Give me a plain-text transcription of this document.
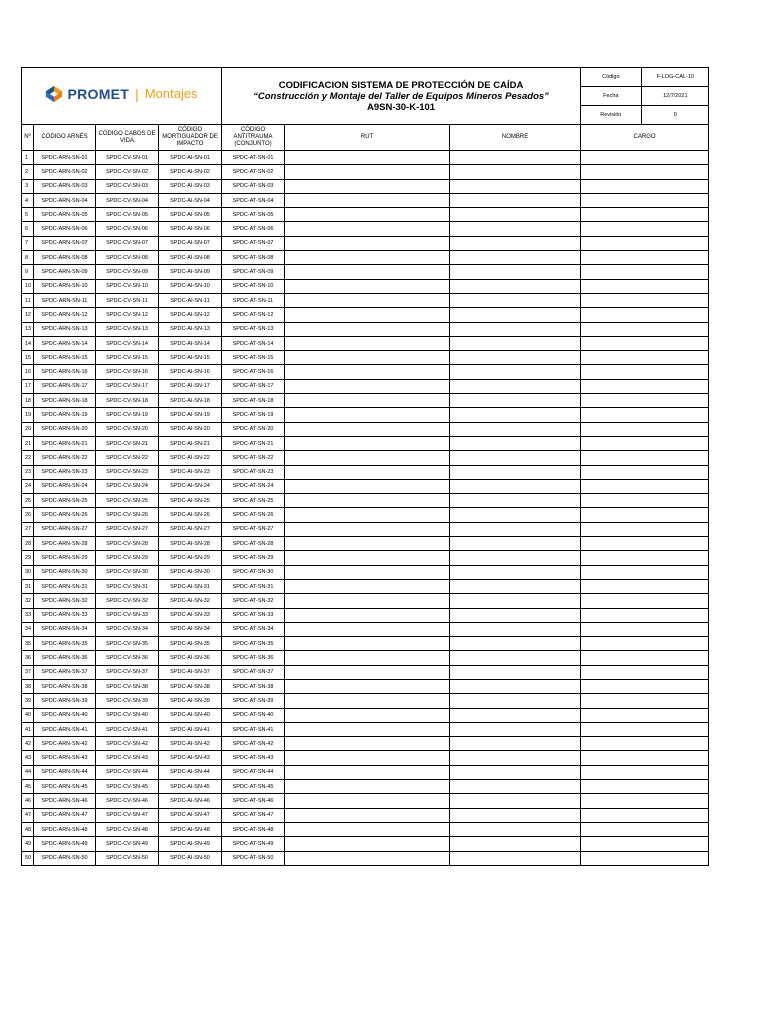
PROMET | Montajes

CODIFICACION SISTEMA DE PROTECCIÓN DE CAÍDA
“Construcción y Montaje del Taller de Equipos Mineros Pesados”
A9SN-30-K-101

Código	F-LOG-CAL-10
Fecha	12/7/2021
Revisión	0

Nº	CÓDIGO ARNÉS	CÓDIGO CABOS DE VIDA	CÓDIGO MORTIGUADOR DE IMPACTO	CÓDIGO ANTITRAUMA (CONJUNTO)	RUT	NOMBRE	CARGO
1	SPDC-ARN-SN-01	SPDC-CV-SN-01	SPDC-AI-SN-01	SPDC-AT-SN-01			
2	SPDC-ARN-SN-02	SPDC-CV-SN-02	SPDC-AI-SN-02	SPDC-AT-SN-02			
3	SPDC-ARN-SN-03	SPDC-CV-SN-03	SPDC-AI-SN-03	SPDC-AT-SN-03			
4	SPDC-ARN-SN-04	SPDC-CV-SN-04	SPDC-AI-SN-04	SPDC-AT-SN-04			
5	SPDC-ARN-SN-05	SPDC-CV-SN-05	SPDC-AI-SN-05	SPDC-AT-SN-05			
6	SPDC-ARN-SN-06	SPDC-CV-SN-06	SPDC-AI-SN-06	SPDC-AT-SN-06			
7	SPDC-ARN-SN-07	SPDC-CV-SN-07	SPDC-AI-SN-07	SPDC-AT-SN-07			
8	SPDC-ARN-SN-08	SPDC-CV-SN-08	SPDC-AI-SN-08	SPDC-AT-SN-08			
9	SPDC-ARN-SN-09	SPDC-CV-SN-09	SPDC-AI-SN-09	SPDC-AT-SN-09			
10	SPDC-ARN-SN-10	SPDC-CV-SN-10	SPDC-AI-SN-10	SPDC-AT-SN-10			
11	SPDC-ARN-SN-11	SPDC-CV-SN-11	SPDC-AI-SN-11	SPDC-AT-SN-11			
12	SPDC-ARN-SN-12	SPDC-CV-SN-12	SPDC-AI-SN-12	SPDC-AT-SN-12			
13	SPDC-ARN-SN-13	SPDC-CV-SN-13	SPDC-AI-SN-13	SPDC-AT-SN-13			
14	SPDC-ARN-SN-14	SPDC-CV-SN-14	SPDC-AI-SN-14	SPDC-AT-SN-14			
15	SPDC-ARN-SN-15	SPDC-CV-SN-15	SPDC-AI-SN-15	SPDC-AT-SN-15			
16	SPDC-ARN-SN-16	SPDC-CV-SN-16	SPDC-AI-SN-16	SPDC-AT-SN-16			
17	SPDC-ARN-SN-17	SPDC-CV-SN-17	SPDC-AI-SN-17	SPDC-AT-SN-17			
18	SPDC-ARN-SN-18	SPDC-CV-SN-18	SPDC-AI-SN-18	SPDC-AT-SN-18			
19	SPDC-ARN-SN-19	SPDC-CV-SN-19	SPDC-AI-SN-19	SPDC-AT-SN-19			
20	SPDC-ARN-SN-20	SPDC-CV-SN-20	SPDC-AI-SN-20	SPDC-AT-SN-20			
21	SPDC-ARN-SN-21	SPDC-CV-SN-21	SPDC-AI-SN-21	SPDC-AT-SN-21			
22	SPDC-ARN-SN-22	SPDC-CV-SN-22	SPDC-AI-SN-22	SPDC-AT-SN-22			
23	SPDC-ARN-SN-23	SPDC-CV-SN-23	SPDC-AI-SN-23	SPDC-AT-SN-23			
24	SPDC-ARN-SN-24	SPDC-CV-SN-24	SPDC-AI-SN-24	SPDC-AT-SN-24			
25	SPDC-ARN-SN-25	SPDC-CV-SN-25	SPDC-AI-SN-25	SPDC-AT-SN-25			
26	SPDC-ARN-SN-26	SPDC-CV-SN-26	SPDC-AI-SN-26	SPDC-AT-SN-26			
27	SPDC-ARN-SN-27	SPDC-CV-SN-27	SPDC-AI-SN-27	SPDC-AT-SN-27			
28	SPDC-ARN-SN-28	SPDC-CV-SN-28	SPDC-AI-SN-28	SPDC-AT-SN-28			
29	SPDC-ARN-SN-29	SPDC-CV-SN-29	SPDC-AI-SN-29	SPDC-AT-SN-29			
30	SPDC-ARN-SN-30	SPDC-CV-SN-30	SPDC-AI-SN-30	SPDC-AT-SN-30			
31	SPDC-ARN-SN-31	SPDC-CV-SN-31	SPDC-AI-SN-31	SPDC-AT-SN-31			
32	SPDC-ARN-SN-32	SPDC-CV-SN-32	SPDC-AI-SN-32	SPDC-AT-SN-32			
33	SPDC-ARN-SN-33	SPDC-CV-SN-33	SPDC-AI-SN-33	SPDC-AT-SN-33			
34	SPDC-ARN-SN-34	SPDC-CV-SN-34	SPDC-AI-SN-34	SPDC-AT-SN-34			
35	SPDC-ARN-SN-35	SPDC-CV-SN-35	SPDC-AI-SN-35	SPDC-AT-SN-35			
36	SPDC-ARN-SN-36	SPDC-CV-SN-36	SPDC-AI-SN-36	SPDC-AT-SN-36			
37	SPDC-ARN-SN-37	SPDC-CV-SN-37	SPDC-AI-SN-37	SPDC-AT-SN-37			
38	SPDC-ARN-SN-38	SPDC-CV-SN-38	SPDC-AI-SN-38	SPDC-AT-SN-38			
39	SPDC-ARN-SN-39	SPDC-CV-SN-39	SPDC-AI-SN-39	SPDC-AT-SN-39			
40	SPDC-ARN-SN-40	SPDC-CV-SN-40	SPDC-AI-SN-40	SPDC-AT-SN-40			
41	SPDC-ARN-SN-41	SPDC-CV-SN-41	SPDC-AI-SN-41	SPDC-AT-SN-41			
42	SPDC-ARN-SN-42	SPDC-CV-SN-42	SPDC-AI-SN-42	SPDC-AT-SN-42			
43	SPDC-ARN-SN-43	SPDC-CV-SN-43	SPDC-AI-SN-43	SPDC-AT-SN-43			
44	SPDC-ARN-SN-44	SPDC-CV-SN-44	SPDC-AI-SN-44	SPDC-AT-SN-44			
45	SPDC-ARN-SN-45	SPDC-CV-SN-45	SPDC-AI-SN-45	SPDC-AT-SN-45			
46	SPDC-ARN-SN-46	SPDC-CV-SN-46	SPDC-AI-SN-46	SPDC-AT-SN-46			
47	SPDC-ARN-SN-47	SPDC-CV-SN-47	SPDC-AI-SN-47	SPDC-AT-SN-47			
48	SPDC-ARN-SN-48	SPDC-CV-SN-48	SPDC-AI-SN-48	SPDC-AT-SN-48			
49	SPDC-ARN-SN-49	SPDC-CV-SN-49	SPDC-AI-SN-49	SPDC-AT-SN-49			
50	SPDC-ARN-SN-50	SPDC-CV-SN-50	SPDC-AI-SN-50	SPDC-AT-SN-50			
